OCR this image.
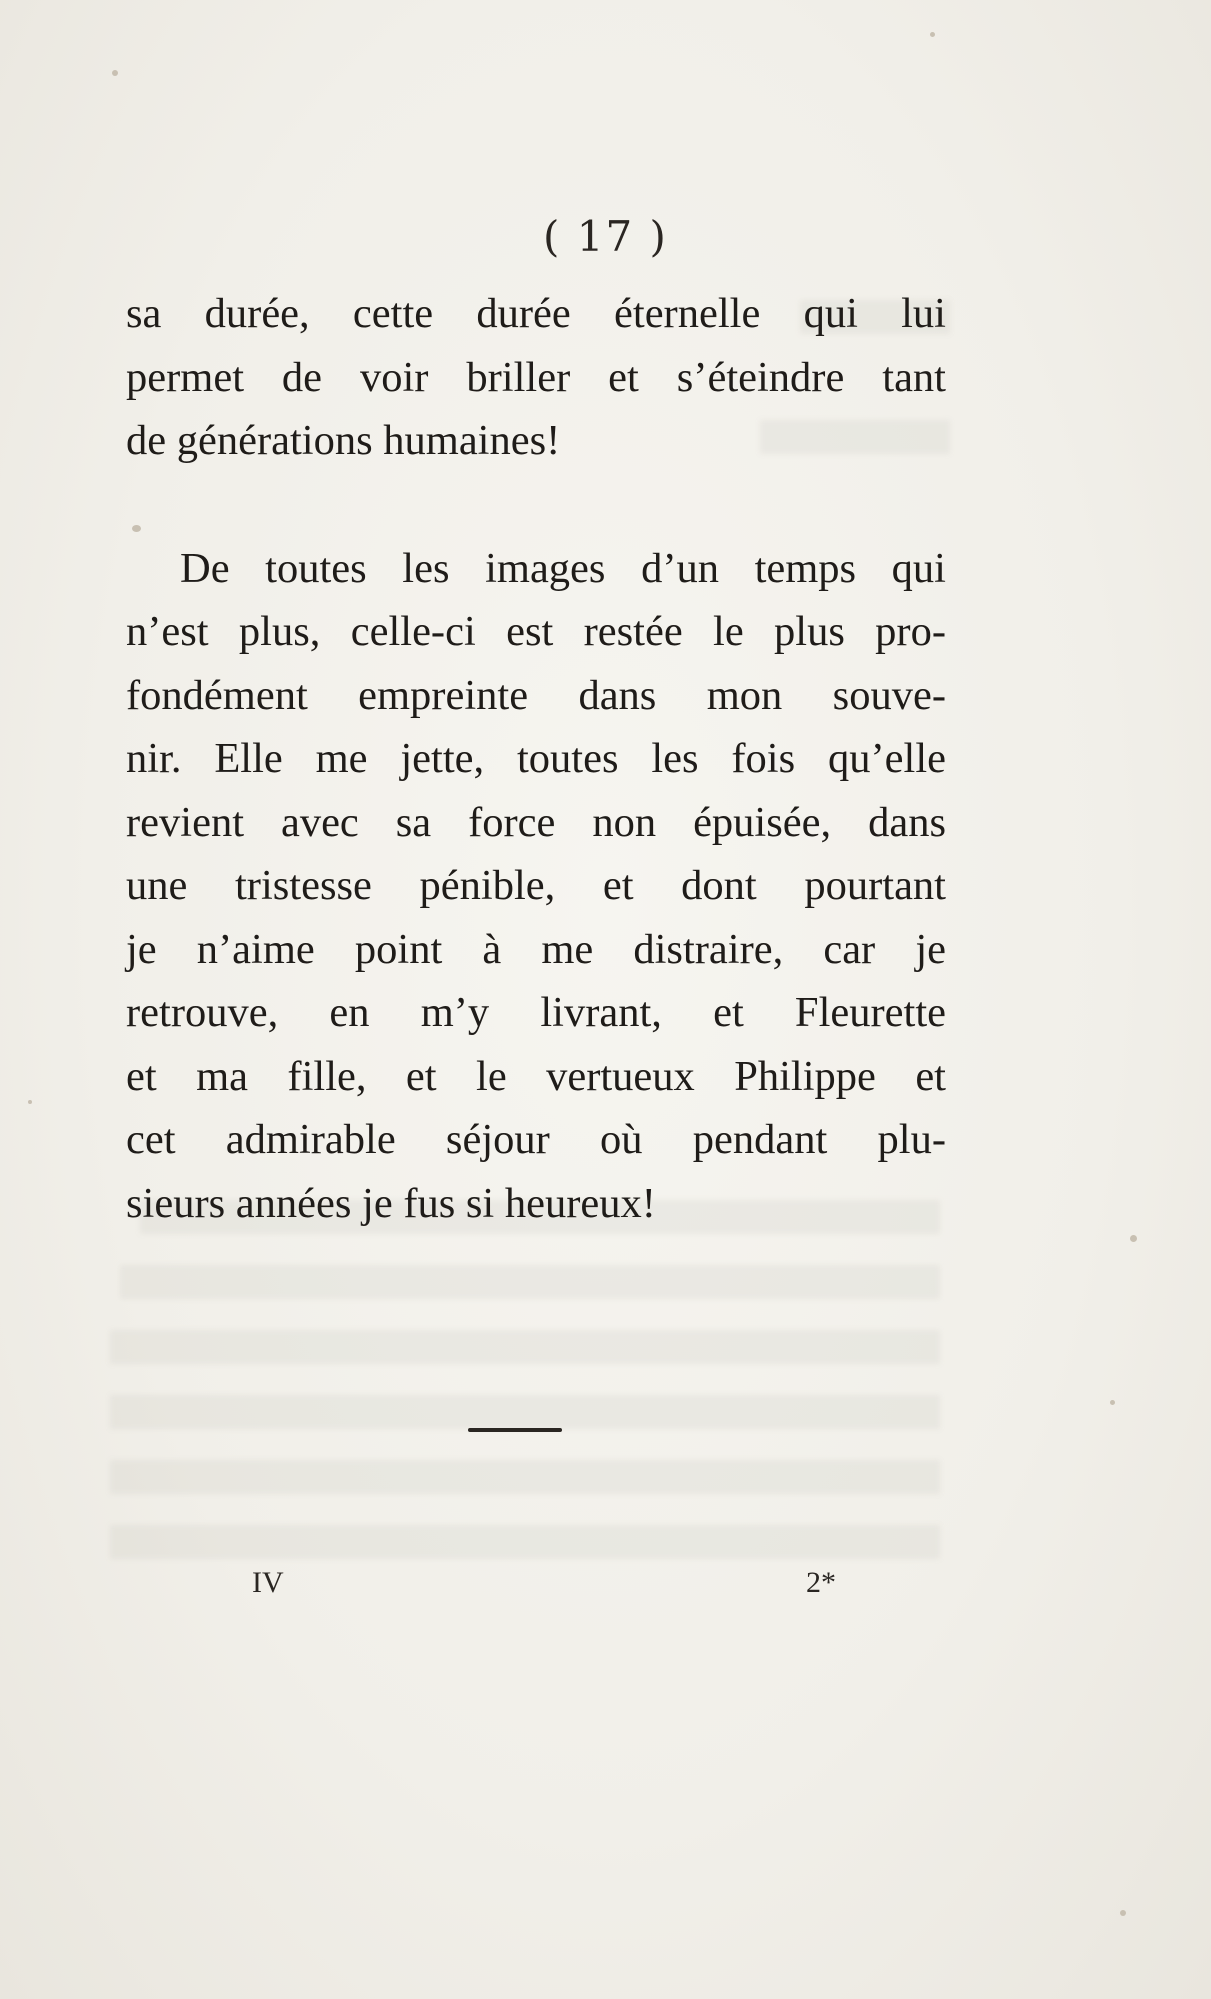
( 17 )
sa durée, cette durée éternelle qui lui
permet de voir briller et s’éteindre tant
de générations humaines!
De toutes les images d’un temps qui
n’est plus, celle-ci est restée le plus pro-
fondément empreinte dans mon souve-
nir. Elle me jette, toutes les fois qu’elle
revient avec sa force non épuisée, dans
une tristesse pénible, et dont pourtant
je n’aime point à me distraire, car je
retrouve, en m’y livrant, et Fleurette
et ma fille, et le vertueux Philippe et
cet admirable séjour où pendant plu-
sieurs années je fus si heureux!
IV	2*
